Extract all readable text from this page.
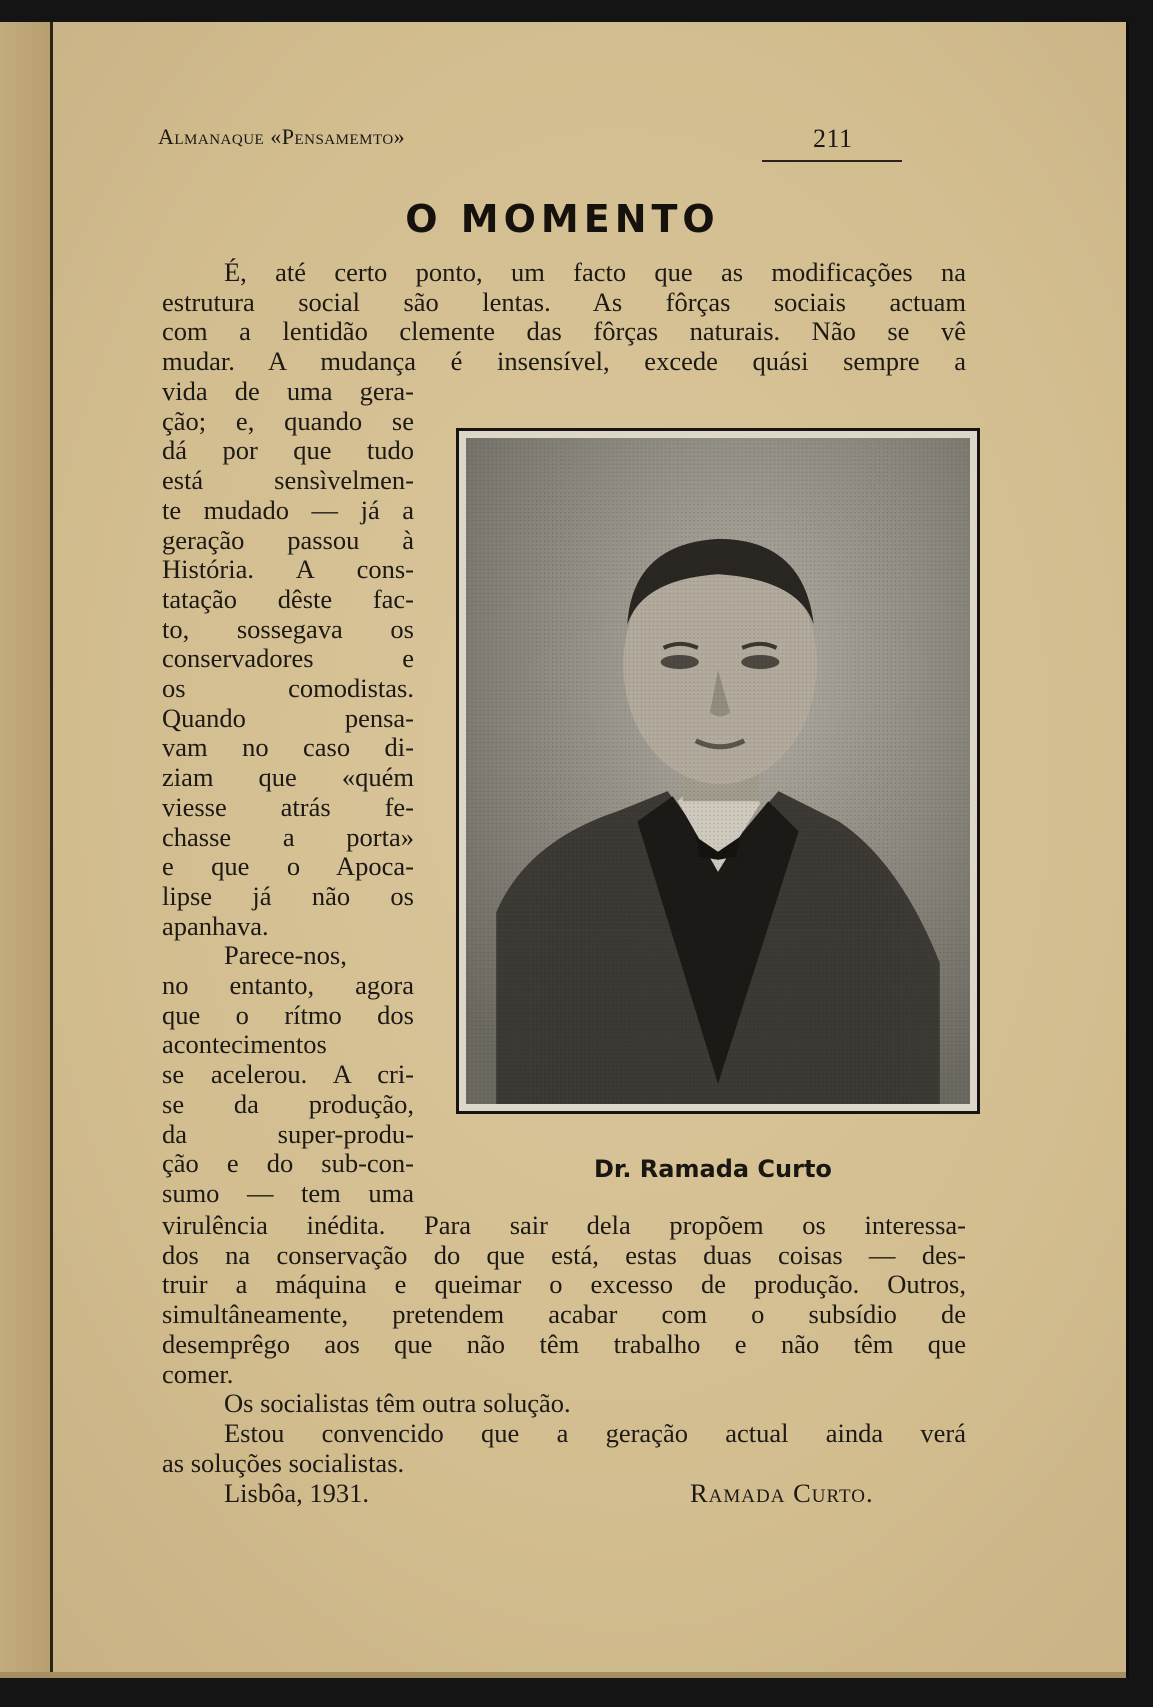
Almanaque «Pensamemto»	211
O MOMENTO
É, até certo ponto, um facto que as modificações na
estrutura social são lentas. As fôrças sociais actuam
com a lentidão clemente das fôrças naturais. Não se vê
mudar. A mudança é insensível, excede quási sempre a
vida de uma gera-
ção; e, quando se
dá por que tudo
está sensìvelmen-
te mudado — já a
geração passou à
História. A cons-
tatação dêste fac-
to, sossegava os
conservadores e
os comodistas.
Quando pensa-
vam no caso di-
ziam que «quém
viesse atrás fe-
chasse a porta»
e que o Apoca-
lipse já não os
apanhava.
Parece-nos,
no entanto, agora
que o rítmo dos
acontecimentos
se acelerou. A cri-
se da produção,
da super-produ-
ção e do sub-con-
sumo — tem uma
Dr. Ramada Curto
virulência inédita. Para sair dela propõem os interessa-
dos na conservação do que está, estas duas coisas — des-
truir a máquina e queimar o excesso de produção. Outros,
simultâneamente, pretendem acabar com o subsídio de
desemprêgo aos que não têm trabalho e não têm que
comer.
Os socialistas têm outra solução.
Estou convencido que a geração actual ainda verá
as soluções socialistas.
Lisbôa, 1931.	Ramada Curto.
